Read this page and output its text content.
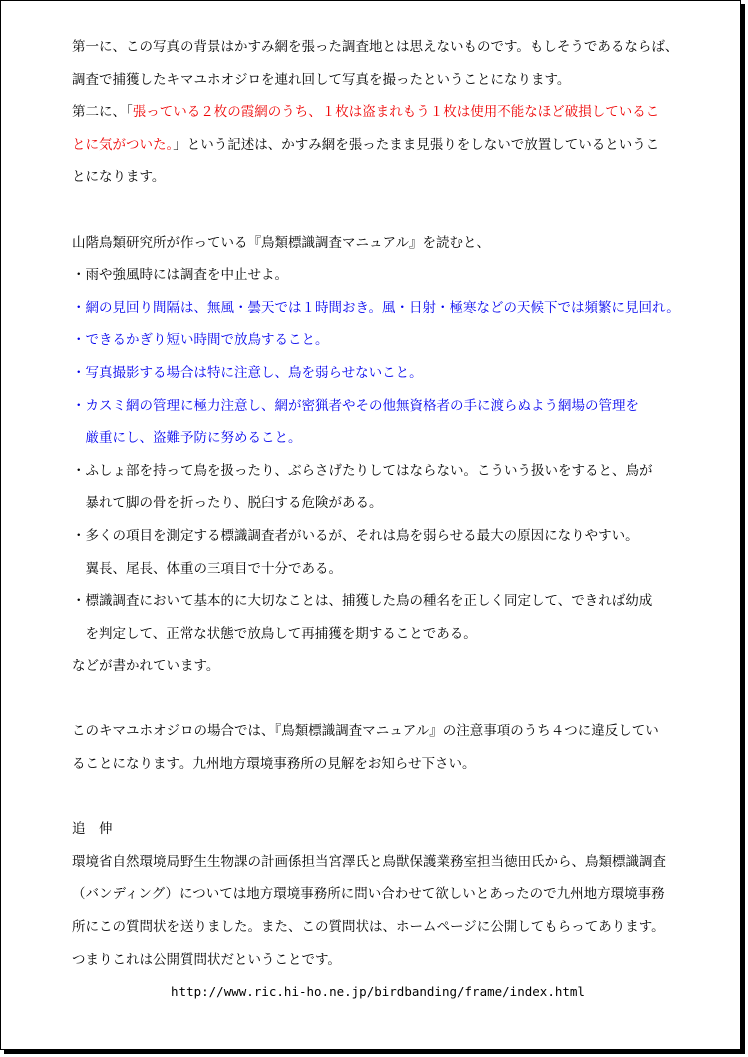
第一に、この写真の背景はかすみ網を張った調査地とは思えないものです。もしそうであるならば、
調査で捕獲したキマユホオジロを連れ回して写真を撮ったということになります。
第二に、「張っている２枚の霞網のうち、１枚は盗まれもう１枚は使用不能なほど破損しているこ
とに気がついた。」という記述は、かすみ網を張ったまま見張りをしないで放置しているというこ
とになります。
山階鳥類研究所が作っている『鳥類標識調査マニュアル』を読むと、
・雨や強風時には調査を中止せよ。
・網の見回り間隔は、無風・曇天では１時間おき。風・日射・極寒などの天候下では頻繁に見回れ。
・できるかぎり短い時間で放鳥すること。
・写真撮影する場合は特に注意し、鳥を弱らせないこと。
・カスミ網の管理に極力注意し、網が密猟者やその他無資格者の手に渡らぬよう網場の管理を
厳重にし、盗難予防に努めること。
・ふしょ部を持って鳥を扱ったり、ぶらさげたりしてはならない。こういう扱いをすると、鳥が
暴れて脚の骨を折ったり、脱臼する危険がある。
・多くの項目を測定する標識調査者がいるが、それは鳥を弱らせる最大の原因になりやすい。
翼長、尾長、体重の三項目で十分である。
・標識調査において基本的に大切なことは、捕獲した鳥の種名を正しく同定して、できれば幼成
を判定して、正常な状態で放鳥して再捕獲を期することである。
などが書かれています。
このキマユホオジロの場合では、『鳥類標識調査マニュアル』の注意事項のうち４つに違反してい
ることになります。九州地方環境事務所の見解をお知らせ下さい。
追　伸
環境省自然環境局野生生物課の計画係担当宮澤氏と鳥獣保護業務室担当徳田氏から、鳥類標識調査
（バンディング）については地方環境事務所に問い合わせて欲しいとあったので九州地方環境事務
所にこの質問状を送りました。また、この質問状は、ホームページに公開してもらってあります。
つまりこれは公開質問状だということです。
http://www.ric.hi-ho.ne.jp/birdbanding/frame/index.html
